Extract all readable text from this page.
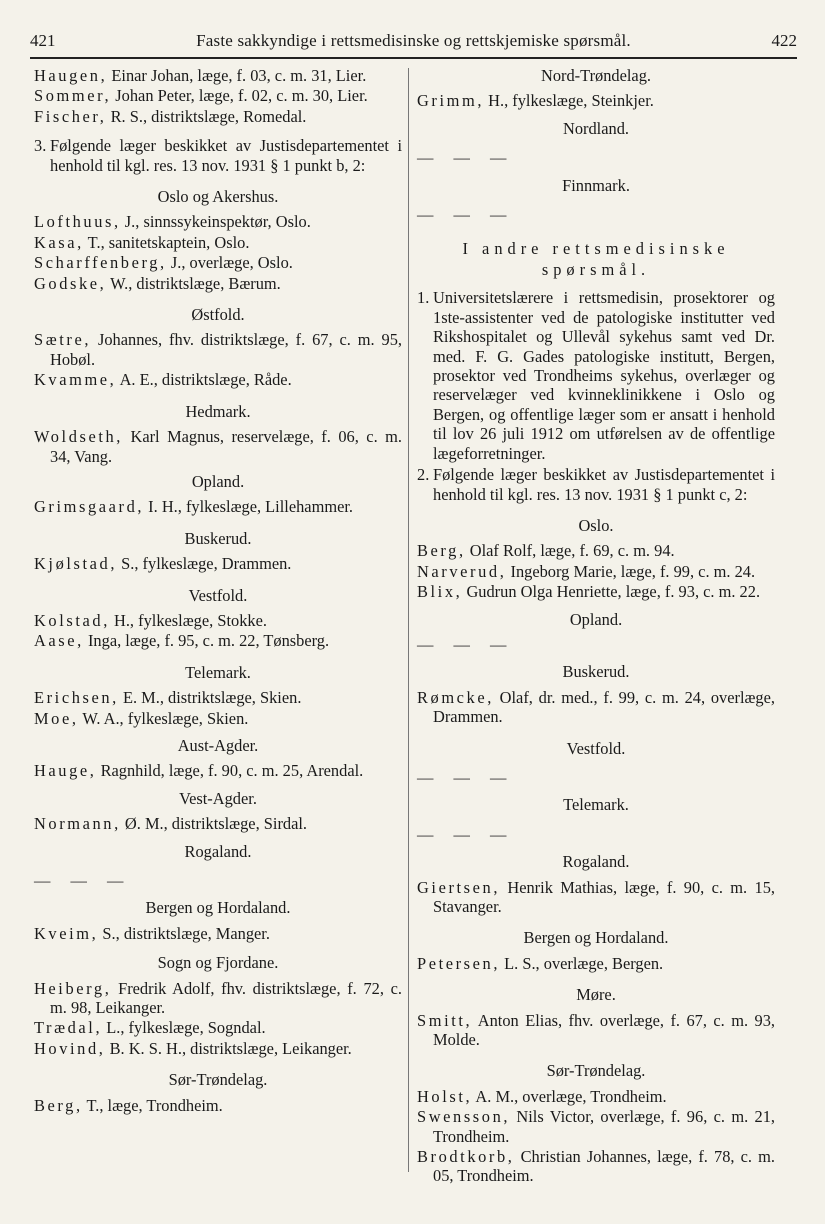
421	Faste sakkyndige i rettsmedisinske og rettskjemiske spørsmål.	422
Haugen, Einar Johan, læge, f. 03, c. m. 31, Lier.
Sommer, Johan Peter, læge, f. 02, c. m. 30, Lier.
Fischer, R. S., distriktslæge, Romedal.
3. Følgende læger beskikket av Justisdepartementet i henhold til kgl. res. 13 nov. 1931 § 1 punkt b, 2:
Oslo og Akershus.
Lofthuus, J., sinnssykeinspektør, Oslo.
Kasa, T., sanitetskaptein, Oslo.
Scharffenberg, J., overlæge, Oslo.
Godske, W., distriktslæge, Bærum.
Østfold.
Sætre, Johannes, fhv. distriktslæge, f. 67, c. m. 95, Hobøl.
Kvamme, A. E., distriktslæge, Råde.
Hedmark.
Woldseth, Karl Magnus, reservelæge, f. 06, c. m. 34, Vang.
Opland.
Grimsgaard, I. H., fylkeslæge, Lillehammer.
Buskerud.
Kjølstad, S., fylkeslæge, Drammen.
Vestfold.
Kolstad, H., fylkeslæge, Stokke.
Aase, Inga, læge, f. 95, c. m. 22, Tønsberg.
Telemark.
Erichsen, E. M., distriktslæge, Skien.
Moe, W. A., fylkeslæge, Skien.
Aust-Agder.
Hauge, Ragnhild, læge, f. 90, c. m. 25, Arendal.
Vest-Agder.
Normann, Ø. M., distriktslæge, Sirdal.
Rogaland.
— — —
Bergen og Hordaland.
Kveim, S., distriktslæge, Manger.
Sogn og Fjordane.
Heiberg, Fredrik Adolf, fhv. distriktslæge, f. 72, c. m. 98, Leikanger.
Trædal, L., fylkeslæge, Sogndal.
Hovind, B. K. S. H., distriktslæge, Leikanger.
Sør-Trøndelag.
Berg, T., læge, Trondheim.
Nord-Trøndelag.
Grimm, H., fylkeslæge, Steinkjer.
Nordland.
— — —
Finnmark.
— — —
I andre rettsmedisinske spørsmål.
1. Universitetslærere i rettsmedisin, prosektorer og 1ste-assistenter ved de patologiske institutter ved Rikshospitalet og Ullevål sykehus samt ved Dr. med. F. G. Gades patologiske institutt, Bergen, prosektor ved Trondheims sykehus, overlæger og reservelæger ved kvinneklinikkene i Oslo og Bergen, og offentlige læger som er ansatt i henhold til lov 26 juli 1912 om utførelsen av de offentlige lægeforretninger.
2. Følgende læger beskikket av Justisdepartementet i henhold til kgl. res. 13 nov. 1931 § 1 punkt c, 2:
Oslo.
Berg, Olaf Rolf, læge, f. 69, c. m. 94.
Narverud, Ingeborg Marie, læge, f. 99, c. m. 24.
Blix, Gudrun Olga Henriette, læge, f. 93, c. m. 22.
Opland.
— — —
Buskerud.
Rømcke, Olaf, dr. med., f. 99, c. m. 24, overlæge, Drammen.
Vestfold.
— — —
Telemark.
— — —
Rogaland.
Giertsen, Henrik Mathias, læge, f. 90, c. m. 15, Stavanger.
Bergen og Hordaland.
Petersen, L. S., overlæge, Bergen.
Møre.
Smitt, Anton Elias, fhv. overlæge, f. 67, c. m. 93, Molde.
Sør-Trøndelag.
Holst, A. M., overlæge, Trondheim.
Swensson, Nils Victor, overlæge, f. 96, c. m. 21, Trondheim.
Brodtkorb, Christian Johannes, læge, f. 78, c. m. 05, Trondheim.
